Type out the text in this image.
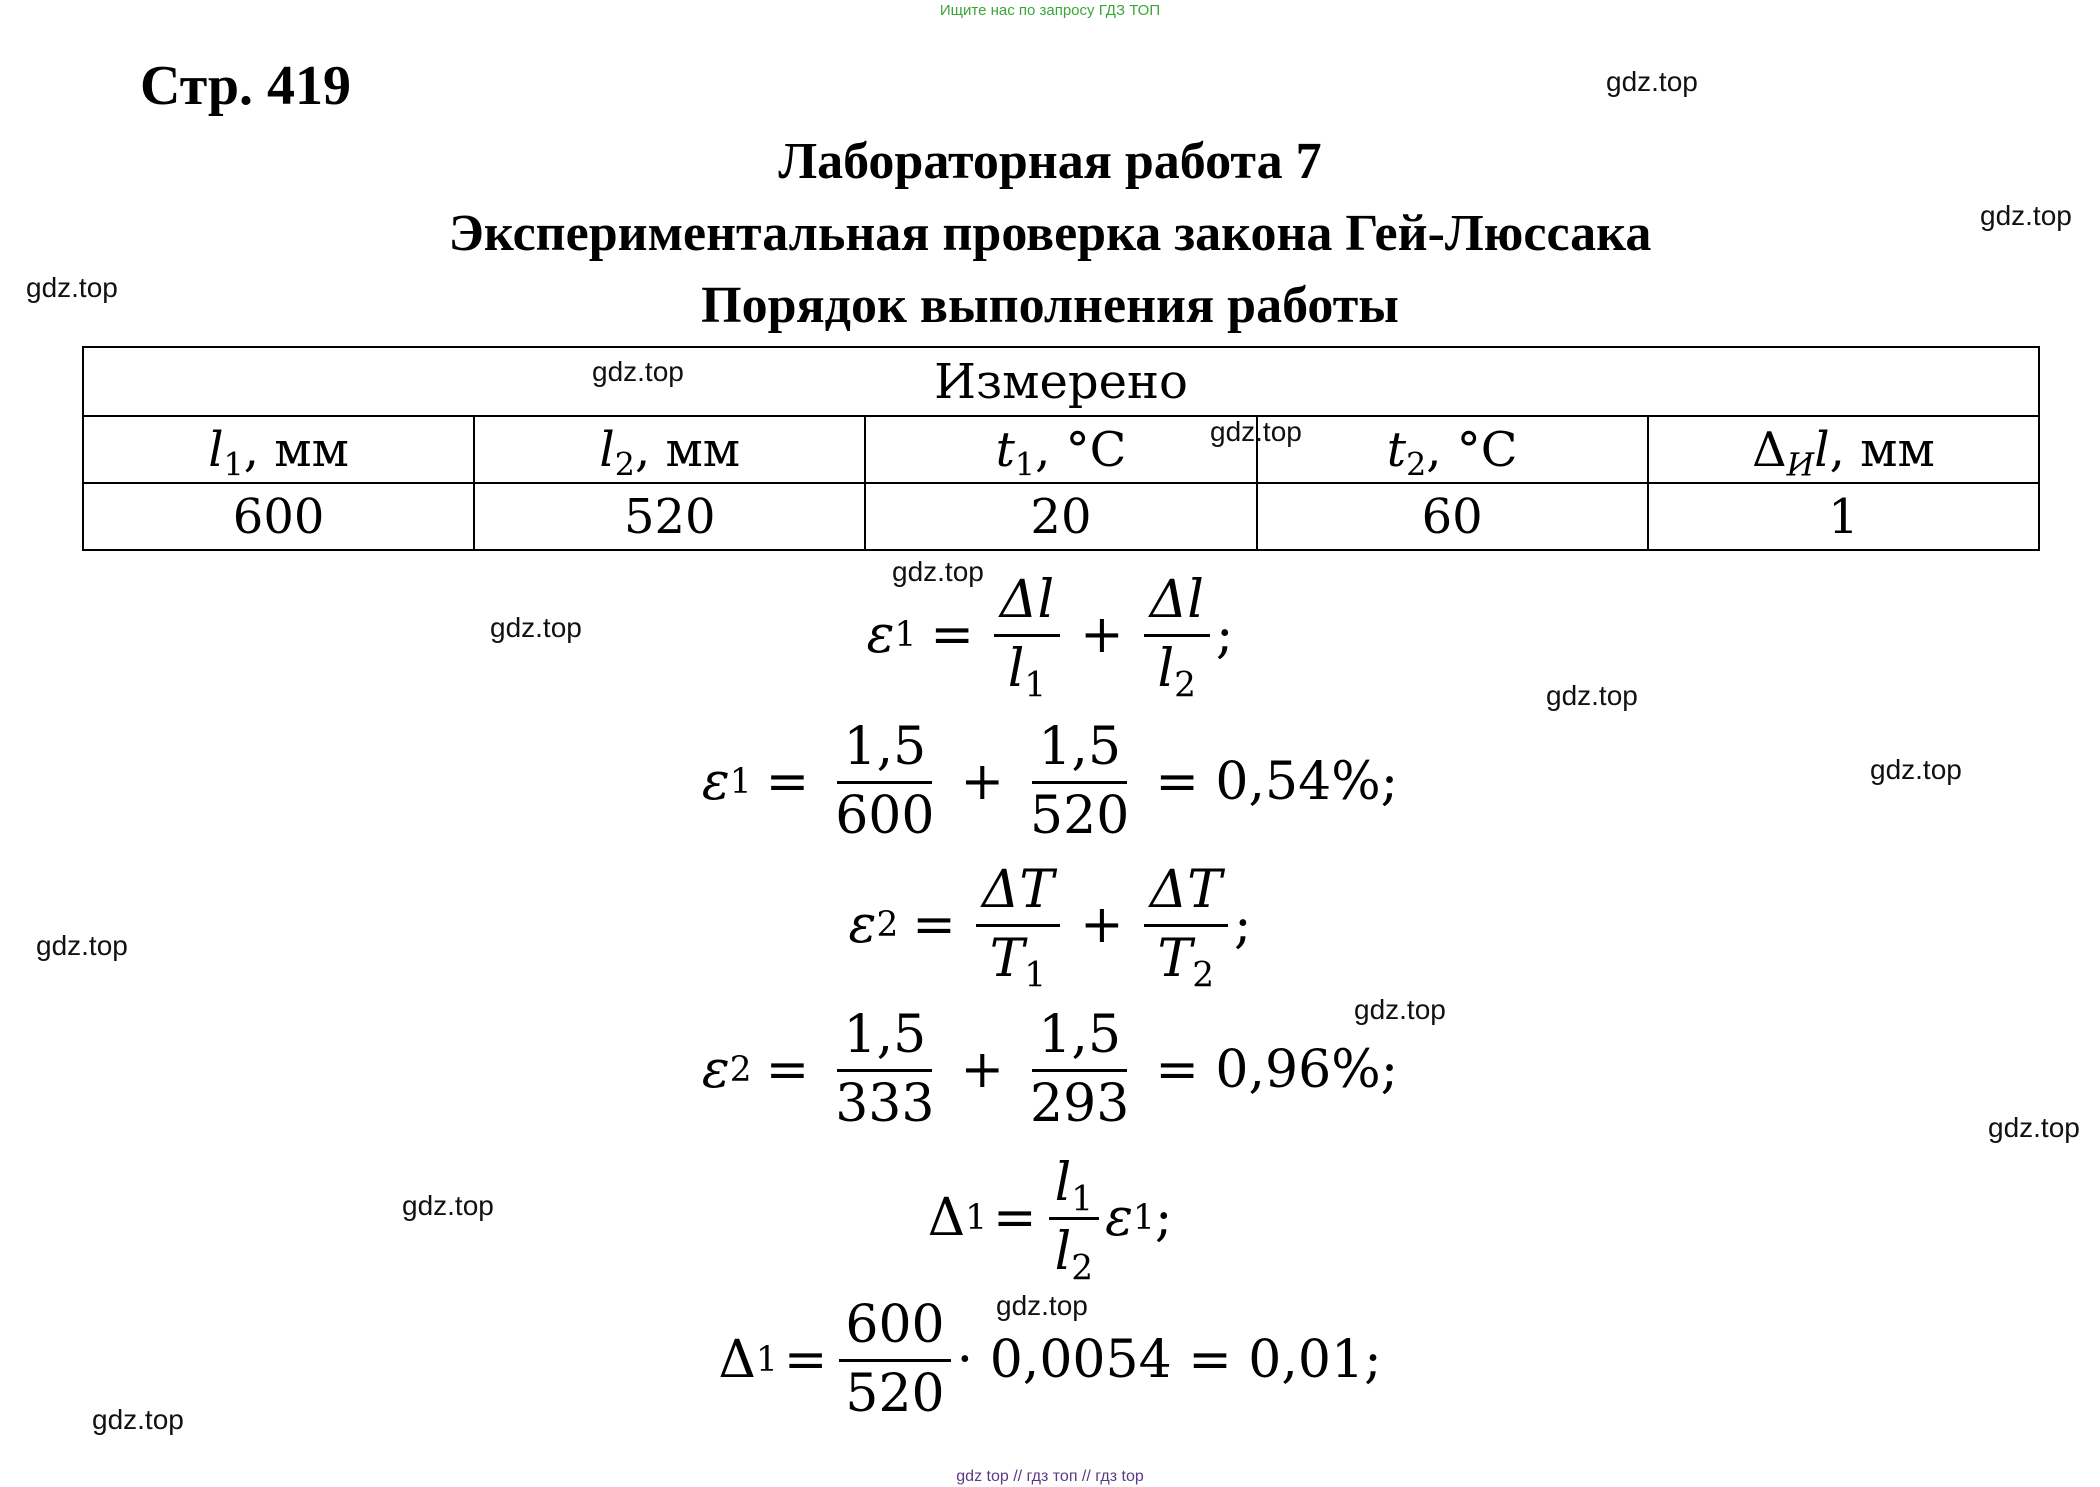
Ищите нас по запросу ГДЗ ТОП
Стр. 419
Лабораторная работа 7
Экспериментальная проверка закона Гей-Люссака
Порядок выполнения работы
Измерено				
$l_1$, мм	$l_2$, мм	$t_1$, °C	$t_2$, °C	$\Delta_Иl$, мм
600	520	20	60	1
ε $1 = \frac{\Delta l}{l_1} + \frac{\Delta l}{l_2}$ ;
ε $1 = \frac{1,5}{600} + \frac{1,5}{520} = 0,54\%$;
ε $2 = \frac{\Delta T}{T_1} + \frac{\Delta T}{T_2}$ ;
ε $2 = \frac{1,5}{333} + \frac{1,5}{293} = 0,96\%$;
Δ $1 = \frac{l_1}{l_2}$ ε 1 ;
Δ $1 = \frac{600}{520} \cdot 0,0054 = 0,01$;
gdz.top
gdz.top
gdz.top
gdz.top
gdz.top
gdz.top
gdz.top
gdz.top
gdz.top
gdz.top
gdz.top
gdz.top
gdz.top
gdz.top
gdz.top
gdz top // гдз топ // гдз top
